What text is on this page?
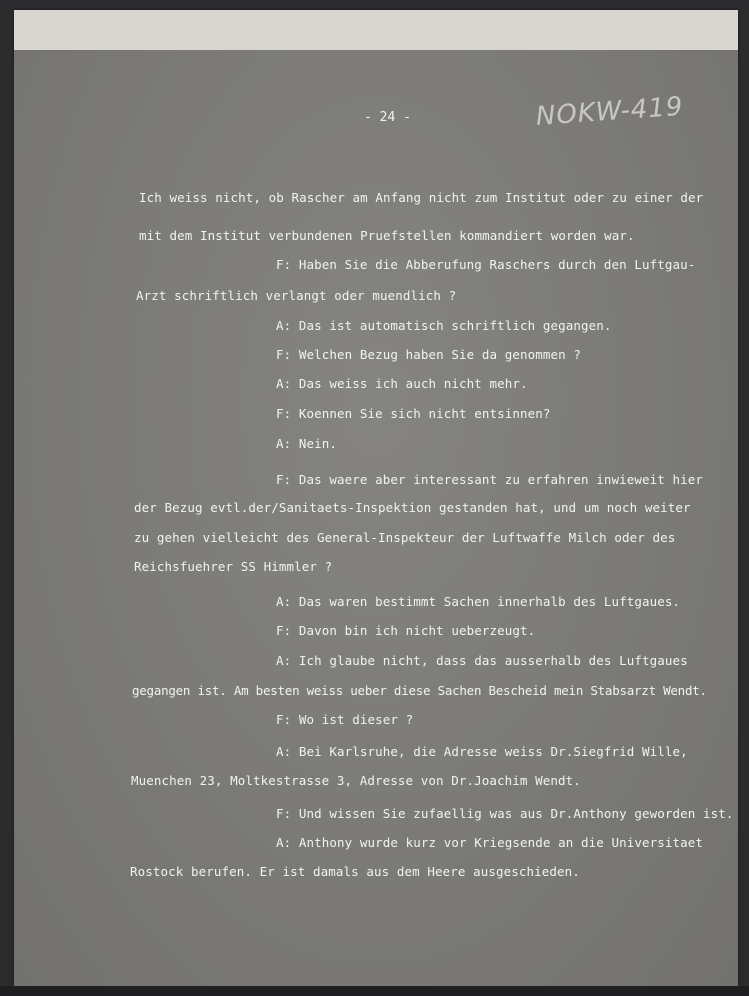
- 24 -	NOKW-419
Ich weiss nicht, ob Rascher am Anfang nicht zum Institut oder zu einer der
mit dem Institut verbundenen Pruefstellen kommandiert worden war.
F: Haben Sie die Abberufung Raschers durch den Luftgau-
Arzt schriftlich verlangt oder muendlich ?
A: Das ist automatisch schriftlich gegangen.
F: Welchen Bezug haben Sie da genommen ?
A: Das weiss ich auch nicht mehr.
F: Koennen Sie sich nicht entsinnen?
A: Nein.
F: Das waere aber interessant zu erfahren inwieweit hier
der Bezug evtl.der/Sanitaets-Inspektion gestanden hat, und um noch weiter
zu gehen vielleicht des General-Inspekteur der Luftwaffe Milch oder des
Reichsfuehrer SS Himmler ?
A: Das waren bestimmt Sachen innerhalb des Luftgaues.
F: Davon bin ich nicht ueberzeugt.
A: Ich glaube nicht, dass das ausserhalb des Luftgaues
gegangen ist. Am besten weiss ueber diese Sachen Bescheid mein Stabsarzt Wendt.
F: Wo ist dieser ?
A: Bei Karlsruhe, die Adresse weiss Dr.Siegfrid Wille,
Muenchen 23, Moltkestrasse 3, Adresse von Dr.Joachim Wendt.
F: Und wissen Sie zufaellig was aus Dr.Anthony geworden ist.
A: Anthony wurde kurz vor Kriegsende an die Universitaet
Rostock berufen. Er ist damals aus dem Heere ausgeschieden.
